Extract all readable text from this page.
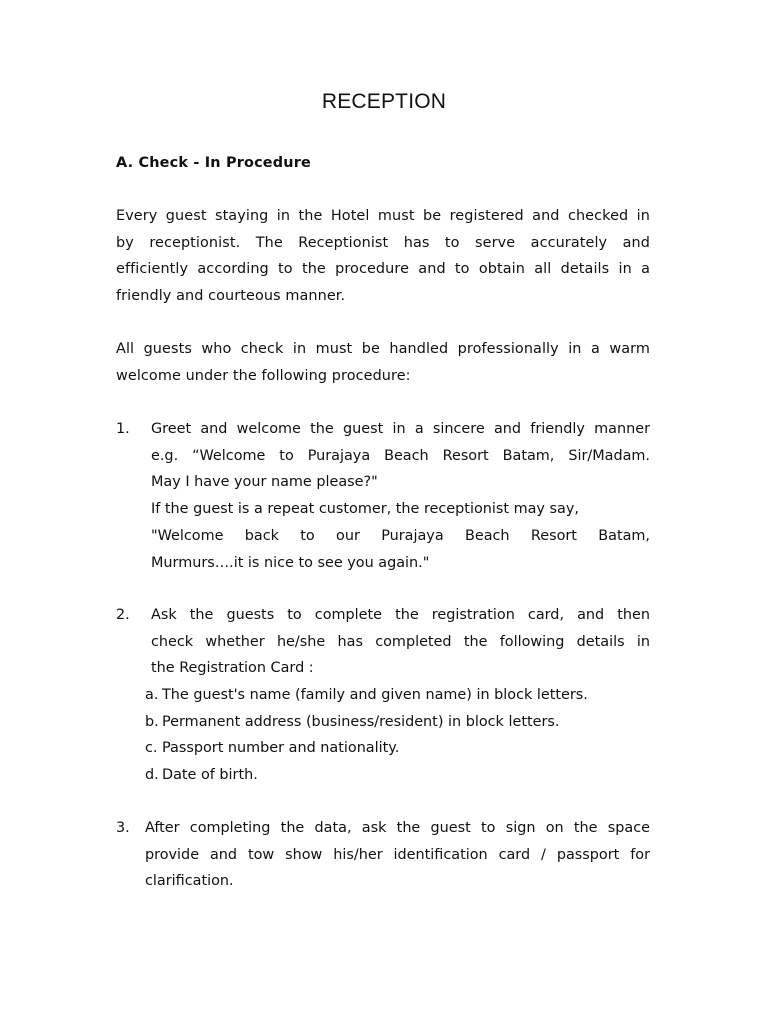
RECEPTION
A. Check - In Procedure
Every guest staying in the Hotel must be registered and checked in
by receptionist. The Receptionist has to serve accurately and
efficiently according to the procedure and to obtain all details in a
friendly and courteous manner.
All guests who check in must be handled professionally in a warm
welcome under the following procedure:
1. Greet and welcome the guest in a sincere and friendly manner
e.g. “Welcome to Purajaya Beach Resort Batam, Sir/Madam.
May I have your name please?"
If the guest is a repeat customer, the receptionist may say,
"Welcome back to our Purajaya Beach Resort Batam,
Murmurs….it is nice to see you again."
2. Ask the guests to complete the registration card, and then
check whether he/she has completed the following details in
the Registration Card :
a. The guest's name (family and given name) in block letters.
b. Permanent address (business/resident) in block letters.
c. Passport number and nationality.
d. Date of birth.
3. After completing the data, ask the guest to sign on the space
provide and tow show his/her identification card / passport for
clarification.
